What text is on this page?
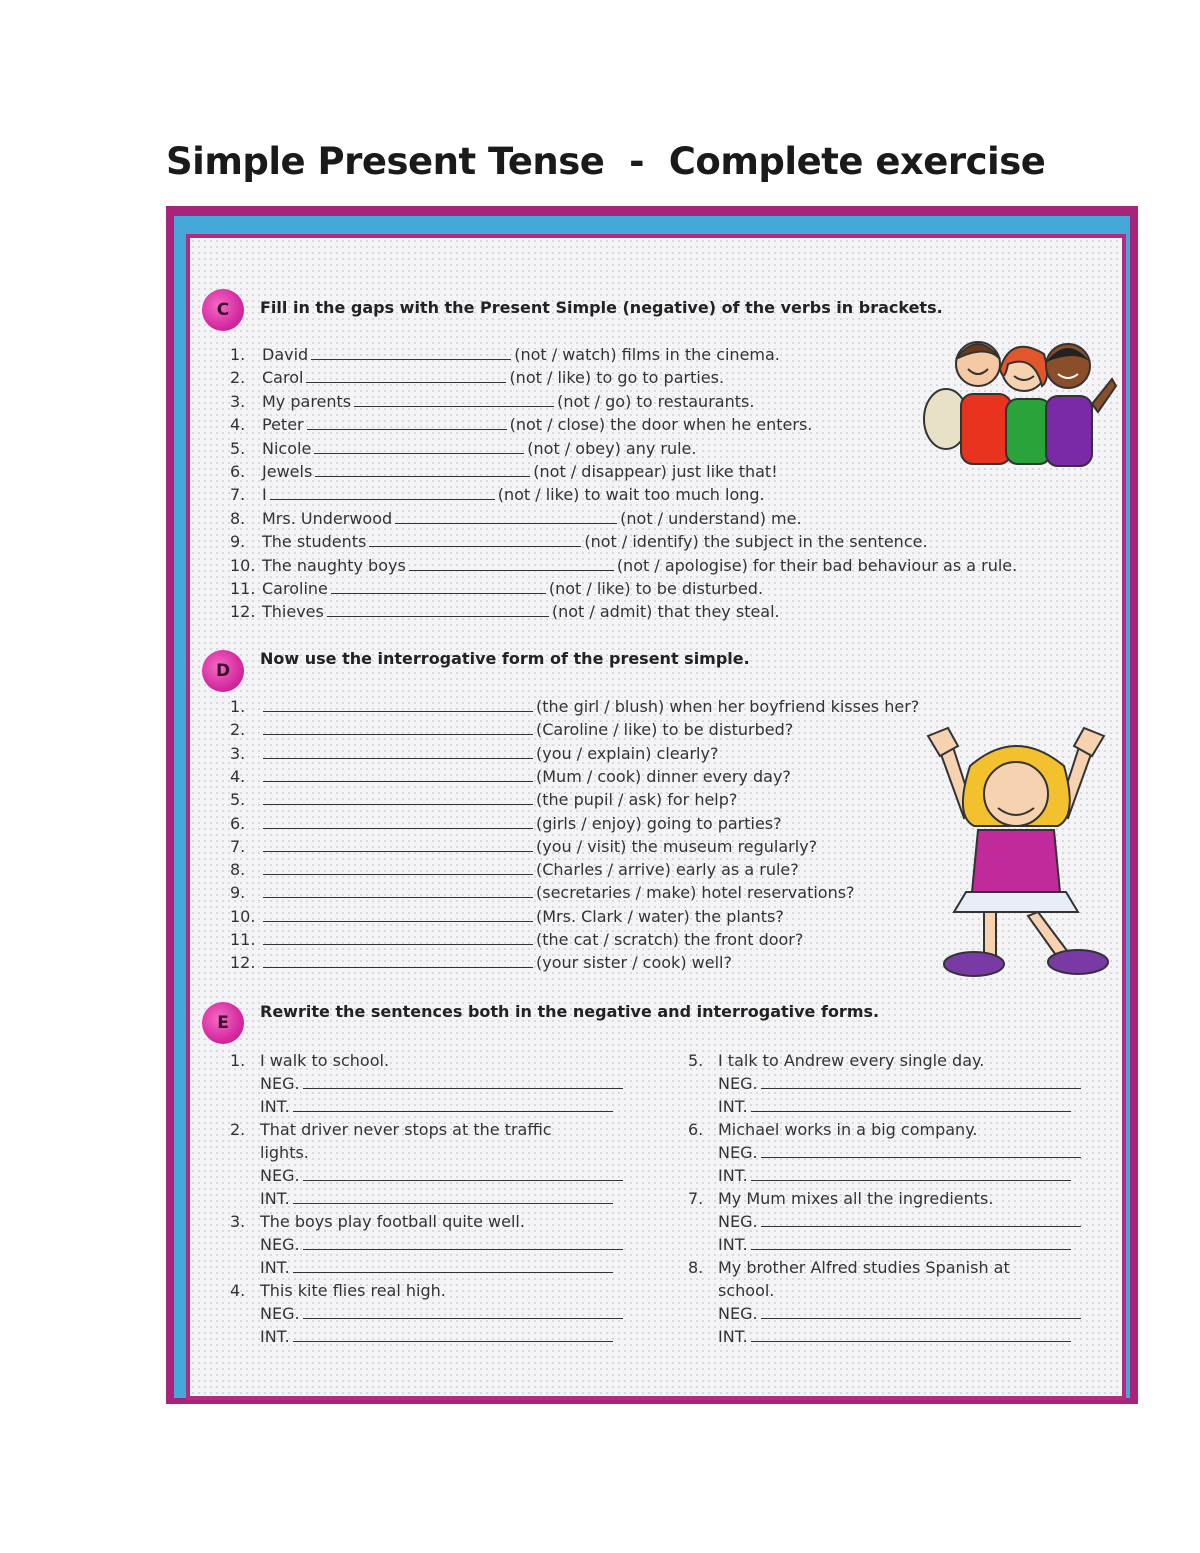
Simple Present Tense  -  Complete exercise
C	Fill in the gaps with the Present Simple (negative) of the verbs in brackets.
1. David	(not / watch) films in the cinema.
2. Carol	(not / like) to go to parties.
3. My parents	(not / go) to restaurants.
4. Peter	(not / close) the door when he enters.
5. Nicole	(not / obey) any rule.
6. Jewels	(not / disappear) just like that!
7. I	(not / like) to wait too much long.
8. Mrs. Underwood	(not / understand) me.
9. The students	(not / identify) the subject in the sentence.
10. The naughty boys	(not / apologise) for their bad behaviour as a rule.
11. Caroline	(not / like) to be disturbed.
12. Thieves	(not / admit) that they steal.
D
Now use the interrogative form of the present simple.
1.	(the girl / blush) when her boyfriend kisses her?
2.	(Caroline / like) to be disturbed?
3.	(you / explain) clearly?
4.	(Mum / cook) dinner every day?
5.	(the pupil / ask) for help?
6.	(girls / enjoy) going to parties?
7.	(you / visit) the museum regularly?
8.	(Charles / arrive) early as a rule?
9.	(secretaries / make) hotel reservations?
10.	(Mrs. Clark / water) the plants?
11.	(the cat / scratch) the front door?
12.	(your sister / cook) well?
E
Rewrite the sentences both in the negative and interrogative forms.
1. I walk to school.
NEG.
INT.
2. That driver never stops at the traffic
lights.
NEG.
INT.
3. The boys play football quite well.
NEG.
INT.
4. This kite flies real high.
NEG.
INT.
5. I talk to Andrew every single day.
NEG.
INT.
6. Michael works in a big company.
NEG.
INT.
7. My Mum mixes all the ingredients.
NEG.
INT.
8. My brother Alfred studies Spanish at
school.
NEG.
INT.
